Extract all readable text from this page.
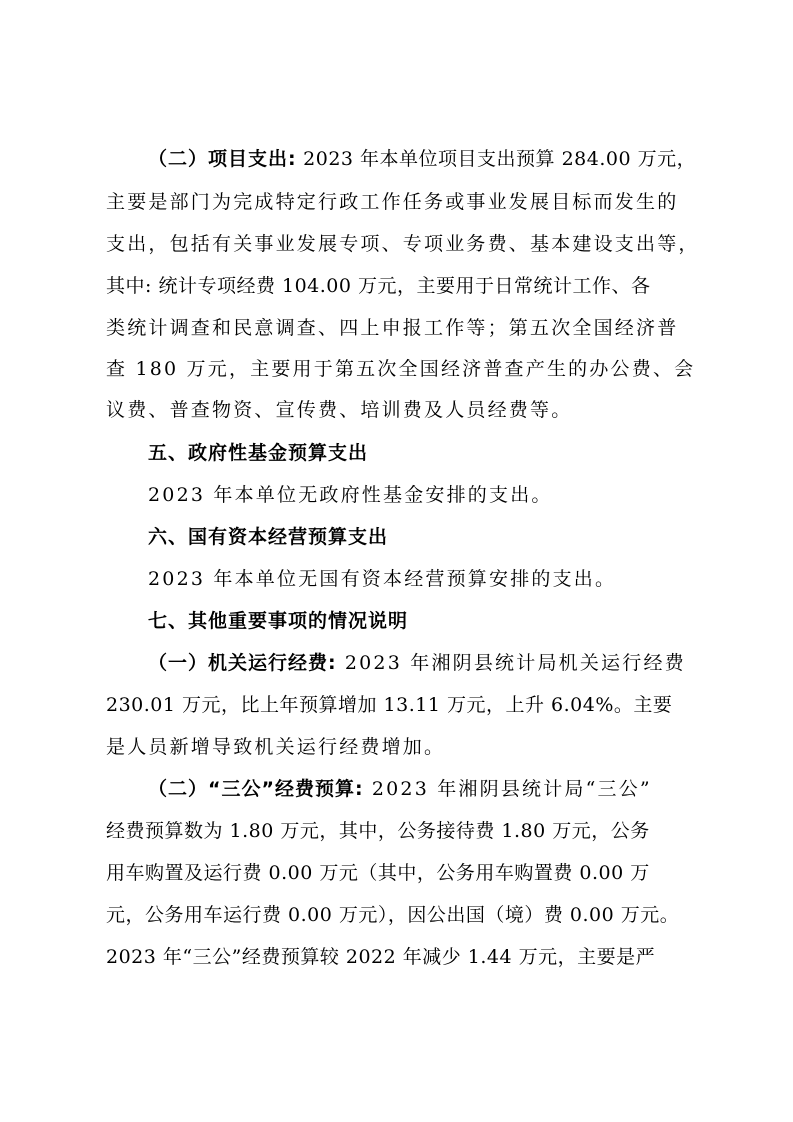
（二）项目支出: 2023 年本单位项目支出预算 284.00 万元，
主要是部门为完成特定行政工作任务或事业发展目标而发生的
支出，包括有关事业发展专项、专项业务费、基本建设支出等，
其中: 统计专项经费 104.00 万元，主要用于日常统计工作、各
类统计调查和民意调查、四上申报工作等；第五次全国经济普
查 180 万元，主要用于第五次全国经济普查产生的办公费、会
议费、普查物资、宣传费、培训费及人员经费等。
五、政府性基金预算支出
2023 年本单位无政府性基金安排的支出。
六、国有资本经营预算支出
2023 年本单位无国有资本经营预算安排的支出。
七、其他重要事项的情况说明
（一）机关运行经费: 2023 年湘阴县统计局机关运行经费
230.01 万元，比上年预算增加 13.11 万元，上升 6.04%。主要
是人员新增导致机关运行经费增加。
（二）“三公”经费预算: 2023 年湘阴县统计局“三公”
经费预算数为 1.80 万元，其中，公务接待费 1.80 万元，公务
用车购置及运行费 0.00 万元（其中，公务用车购置费 0.00 万
元，公务用车运行费 0.00 万元），因公出国（境）费 0.00 万元。
2023 年“三公”经费预算较 2022 年减少 1.44 万元，主要是严
